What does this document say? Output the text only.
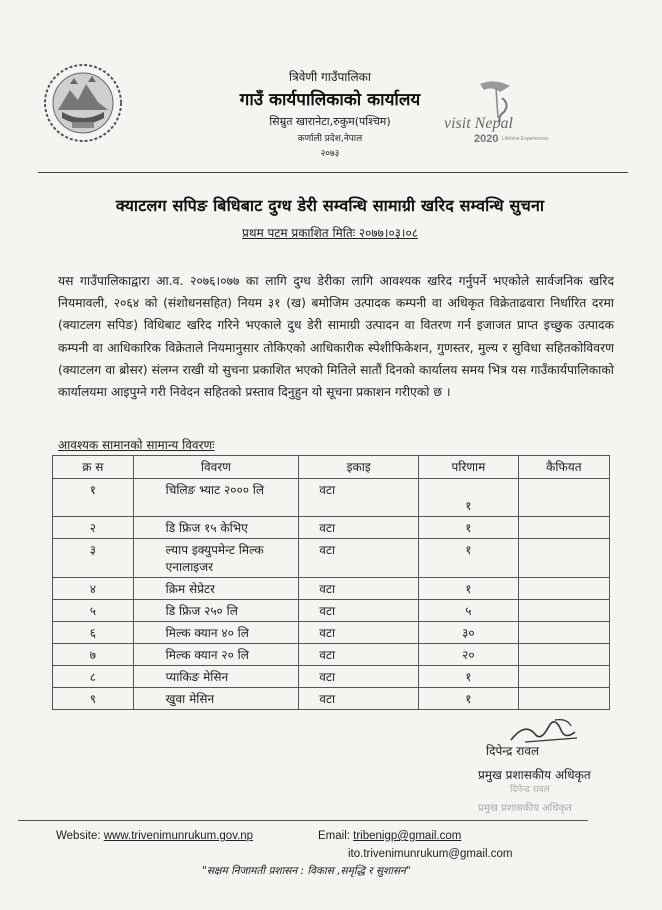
त्रिवेणी गाउँपालिका
गाउँ कार्यपालिकाको कार्यालय
सिम्रुत खारानेटा,रुकुम(पश्चिम)
कर्णाली प्रदेश,नेपाल
२०७३
visit Nepal
2020 Lifetime Experiences
क्याटलग सपिङ बिधिबाट दुग्ध डेरी सम्वन्धि सामाग्री खरिद सम्वन्धि सुचना
प्रथम पटम प्रकाशित मितिः २०७७।०३।०८
यस गाउँपालिकाद्वारा आ.व. २०७६।०७७ का लागि दुग्ध डेरीका लागि आवश्यक खरिद गर्नुपर्ने भएकोले सार्वजनिक खरिद नियमावली, २०६४ को (संशोधनसहित) नियम ३१ (ख) बमोजिम उत्पादक कम्पनी वा अधिकृत विक्रेताढवारा निर्धारित दरमा (क्याटलग सपिङ) विधिबाट खरिद गरिने भएकाले दुध डेरी सामाग्री उत्पादन वा वितरण गर्न इजाजत प्राप्त इच्छुक उत्पादक कम्पनी वा आधिकारिक विक्रेताले नियमानुसार तोकिएको आधिकारीक स्पेशीफिकेशन, गुणस्तर, मुल्य र सुविधा सहितकोविवरण (क्याटलग वा ब्रोसर) संलग्न राखी यो सुचना प्रकाशित भएको मितिले सातौं दिनको कार्यालय समय भित्र यस गाउँकार्यपालिकाको कार्यालयमा आइपुग्ने गरी निवेदन सहितको प्रस्ताव दिनुहुन यो सूचना प्रकाशन गरीएको छ ।
आवश्यक सामानको सामान्य विवरणः
क्र स	विवरण	इकाइ	परिणाम	कैफियत
१	चिलिङ भ्याट २००० लि	वटा	१	
२	डि फ्रिज १५ केभिए	वटा	१	
३	ल्याप इक्युपमेन्ट मिल्क एनालाइजर	वटा	१	
४	क्रिम सेप्रेटर	वटा	१	
५	डि फ्रिज २५० लि	वटा	५	
६	मिल्क क्यान ४० लि	वटा	३०	
७	मिल्क क्यान २० लि	वटा	२०	
८	प्याकिङ मेसिन	वटा	१	
९	खुवा मेसिन	वटा	१	
दिपेन्द्र रावल
प्रमुख प्रशासकीय अधिकृत
दिपेन्द्र रावल
प्रमुख प्रशासकीय अधिकृत
Website: www.trivenimunrukum.gov.np	Email: tribenigp@gmail.com
ito.trivenimunrukum@gmail.com
"सक्षम निजामती प्रशासन : विकास ,समृद्धि र सुशासन"
